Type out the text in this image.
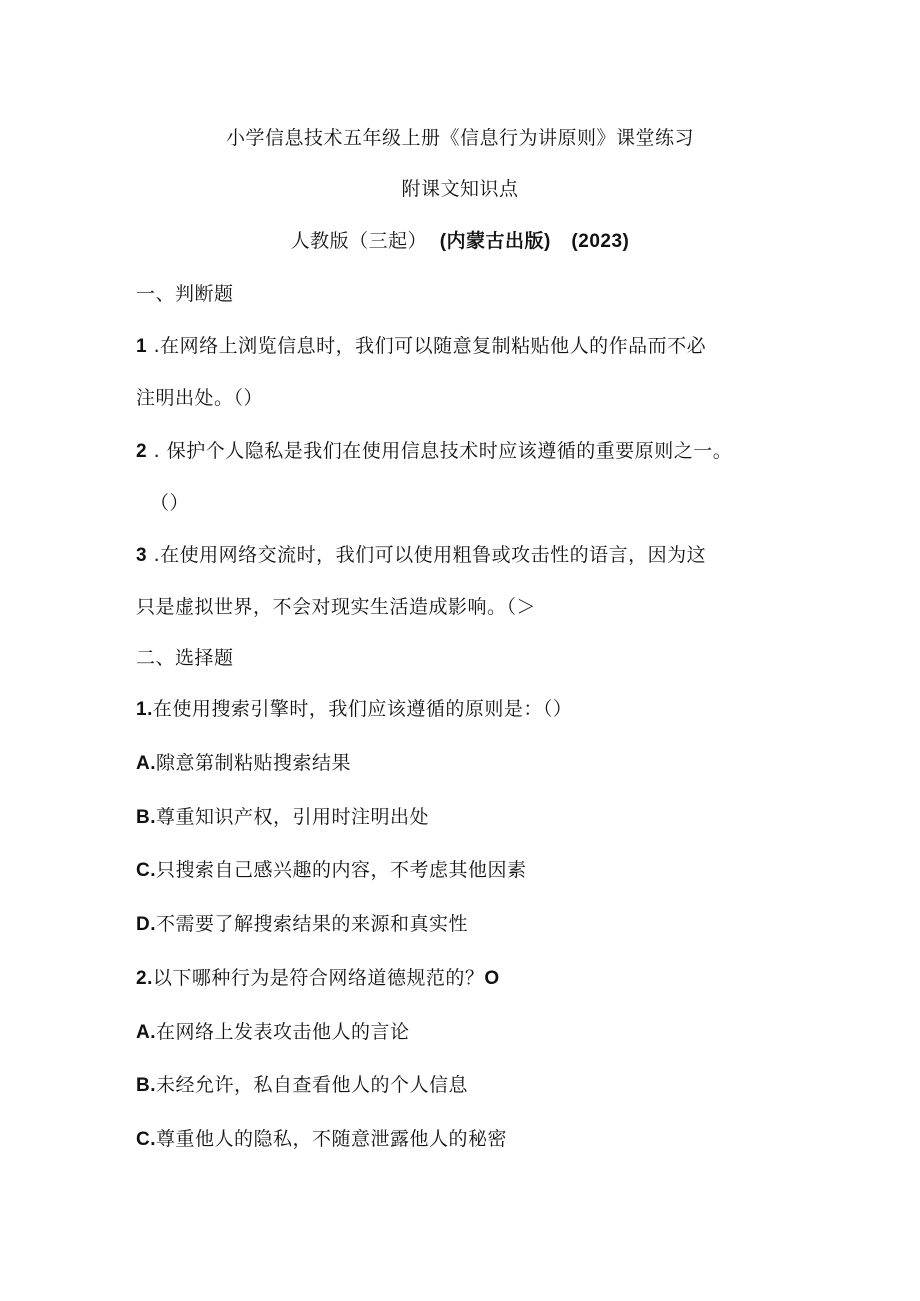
小学信息技术五年级上册《信息行为讲原则》课堂练习
附课文知识点
人教版（三起） (内蒙古出版) (2023)
一、判断题
1 .在网络上浏览信息时，我们可以随意复制粘贴他人的作品而不必
注明出处。（）
2 . 保护个人隐私是我们在使用信息技术时应该遵循的重要原则之一。
（）
3 .在使用网络交流时，我们可以使用粗鲁或攻击性的语言，因为这
只是虚拟世界，不会对现实生活造成影响。（＞
二、选择题
1.在使用搜索引擎时，我们应该遵循的原则是：（）
A.隙意第制粘贴搜索结果
B.尊重知识产权，引用时注明出处
C.只搜索自己感兴趣的内容，不考虑其他因素
D.不需要了解搜索结果的来源和真实性
2.以下哪种行为是符合网络道德规范的？O
A.在网络上发表攻击他人的言论
B.未经允许，私自查看他人的个人信息
C.尊重他人的隐私，不随意泄露他人的秘密
